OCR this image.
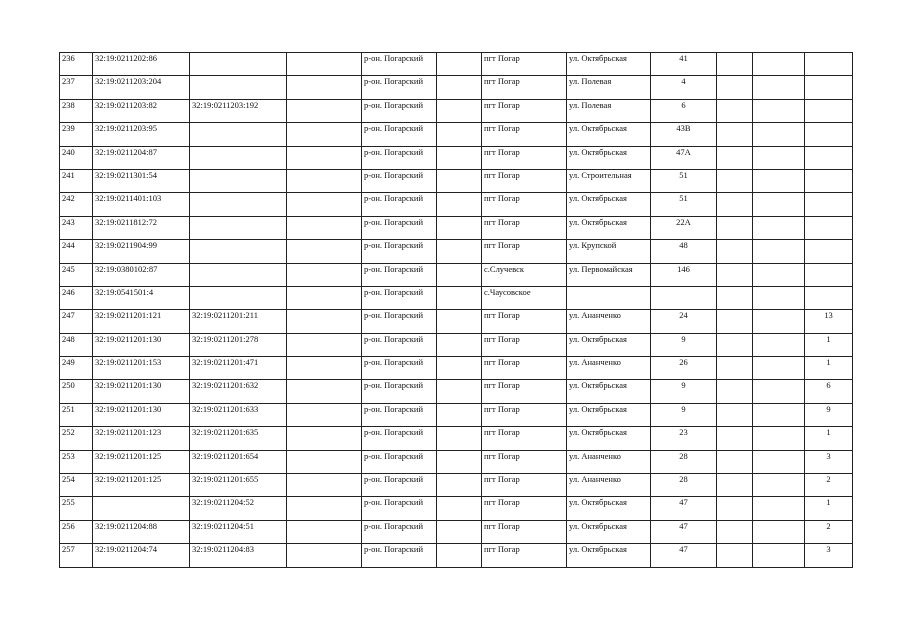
236	32:19:0211202:86			р-он. Погарский		пгт Погар	ул. Октябрьская	41			
237	32:19:0211203:204			р-он. Погарский		пгт Погар	ул. Полевая	4			
238	32:19:0211203:82	32:19:0211203:192		р-он. Погарский		пгт Погар	ул. Полевая	6			
239	32:19:0211203:95			р-он. Погарский		пгт Погар	ул. Октябрьская	43В			
240	32:19:0211204:87			р-он. Погарский		пгт Погар	ул. Октябрьская	47А			
241	32:19:0211301:54			р-он. Погарский		пгт Погар	ул. Строительная	51			
242	32:19:0211401:103			р-он. Погарский		пгт Погар	ул. Октябрьская	51			
243	32:19:0211812:72			р-он. Погарский		пгт Погар	ул. Октябрьская	22А			
244	32:19:0211904:99			р-он. Погарский		пгт Погар	ул. Крупской	48			
245	32:19:0380102:87			р-он. Погарский		с.Случевск	ул. Первомайская	146			
246	32:19:0541501:4			р-он. Погарский		с.Чаусовское					
247	32:19:0211201:121	32:19:0211201:211		р-он. Погарский		пгт Погар	ул. Ананченко	24			13
248	32:19:0211201:130	32:19:0211201:278		р-он. Погарский		пгт Погар	ул. Октябрьская	9			1
249	32:19:0211201:153	32:19:0211201:471		р-он. Погарский		пгт Погар	ул. Ананченко	26			1
250	32:19:0211201:130	32:19:0211201:632		р-он. Погарский		пгт Погар	ул. Октябрьская	9			6
251	32:19:0211201:130	32:19:0211201:633		р-он. Погарский		пгт Погар	ул. Октябрьская	9			9
252	32:19:0211201:123	32:19:0211201:635		р-он. Погарский		пгт Погар	ул. Октябрьская	23			1
253	32:19:0211201:125	32:19:0211201:654		р-он. Погарский		пгт Погар	ул. Ананченко	28			3
254	32:19:0211201:125	32:19:0211201:655		р-он. Погарский		пгт Погар	ул. Ананченко	28			2
255		32:19:0211204:52		р-он. Погарский		пгт Погар	ул. Октябрьская	47			1
256	32:19:0211204:88	32:19:0211204:51		р-он. Погарский		пгт Погар	ул. Октябрьская	47			2
257	32:19:0211204:74	32:19:0211204:83		р-он. Погарский		пгт Погар	ул. Октябрьская	47			3
